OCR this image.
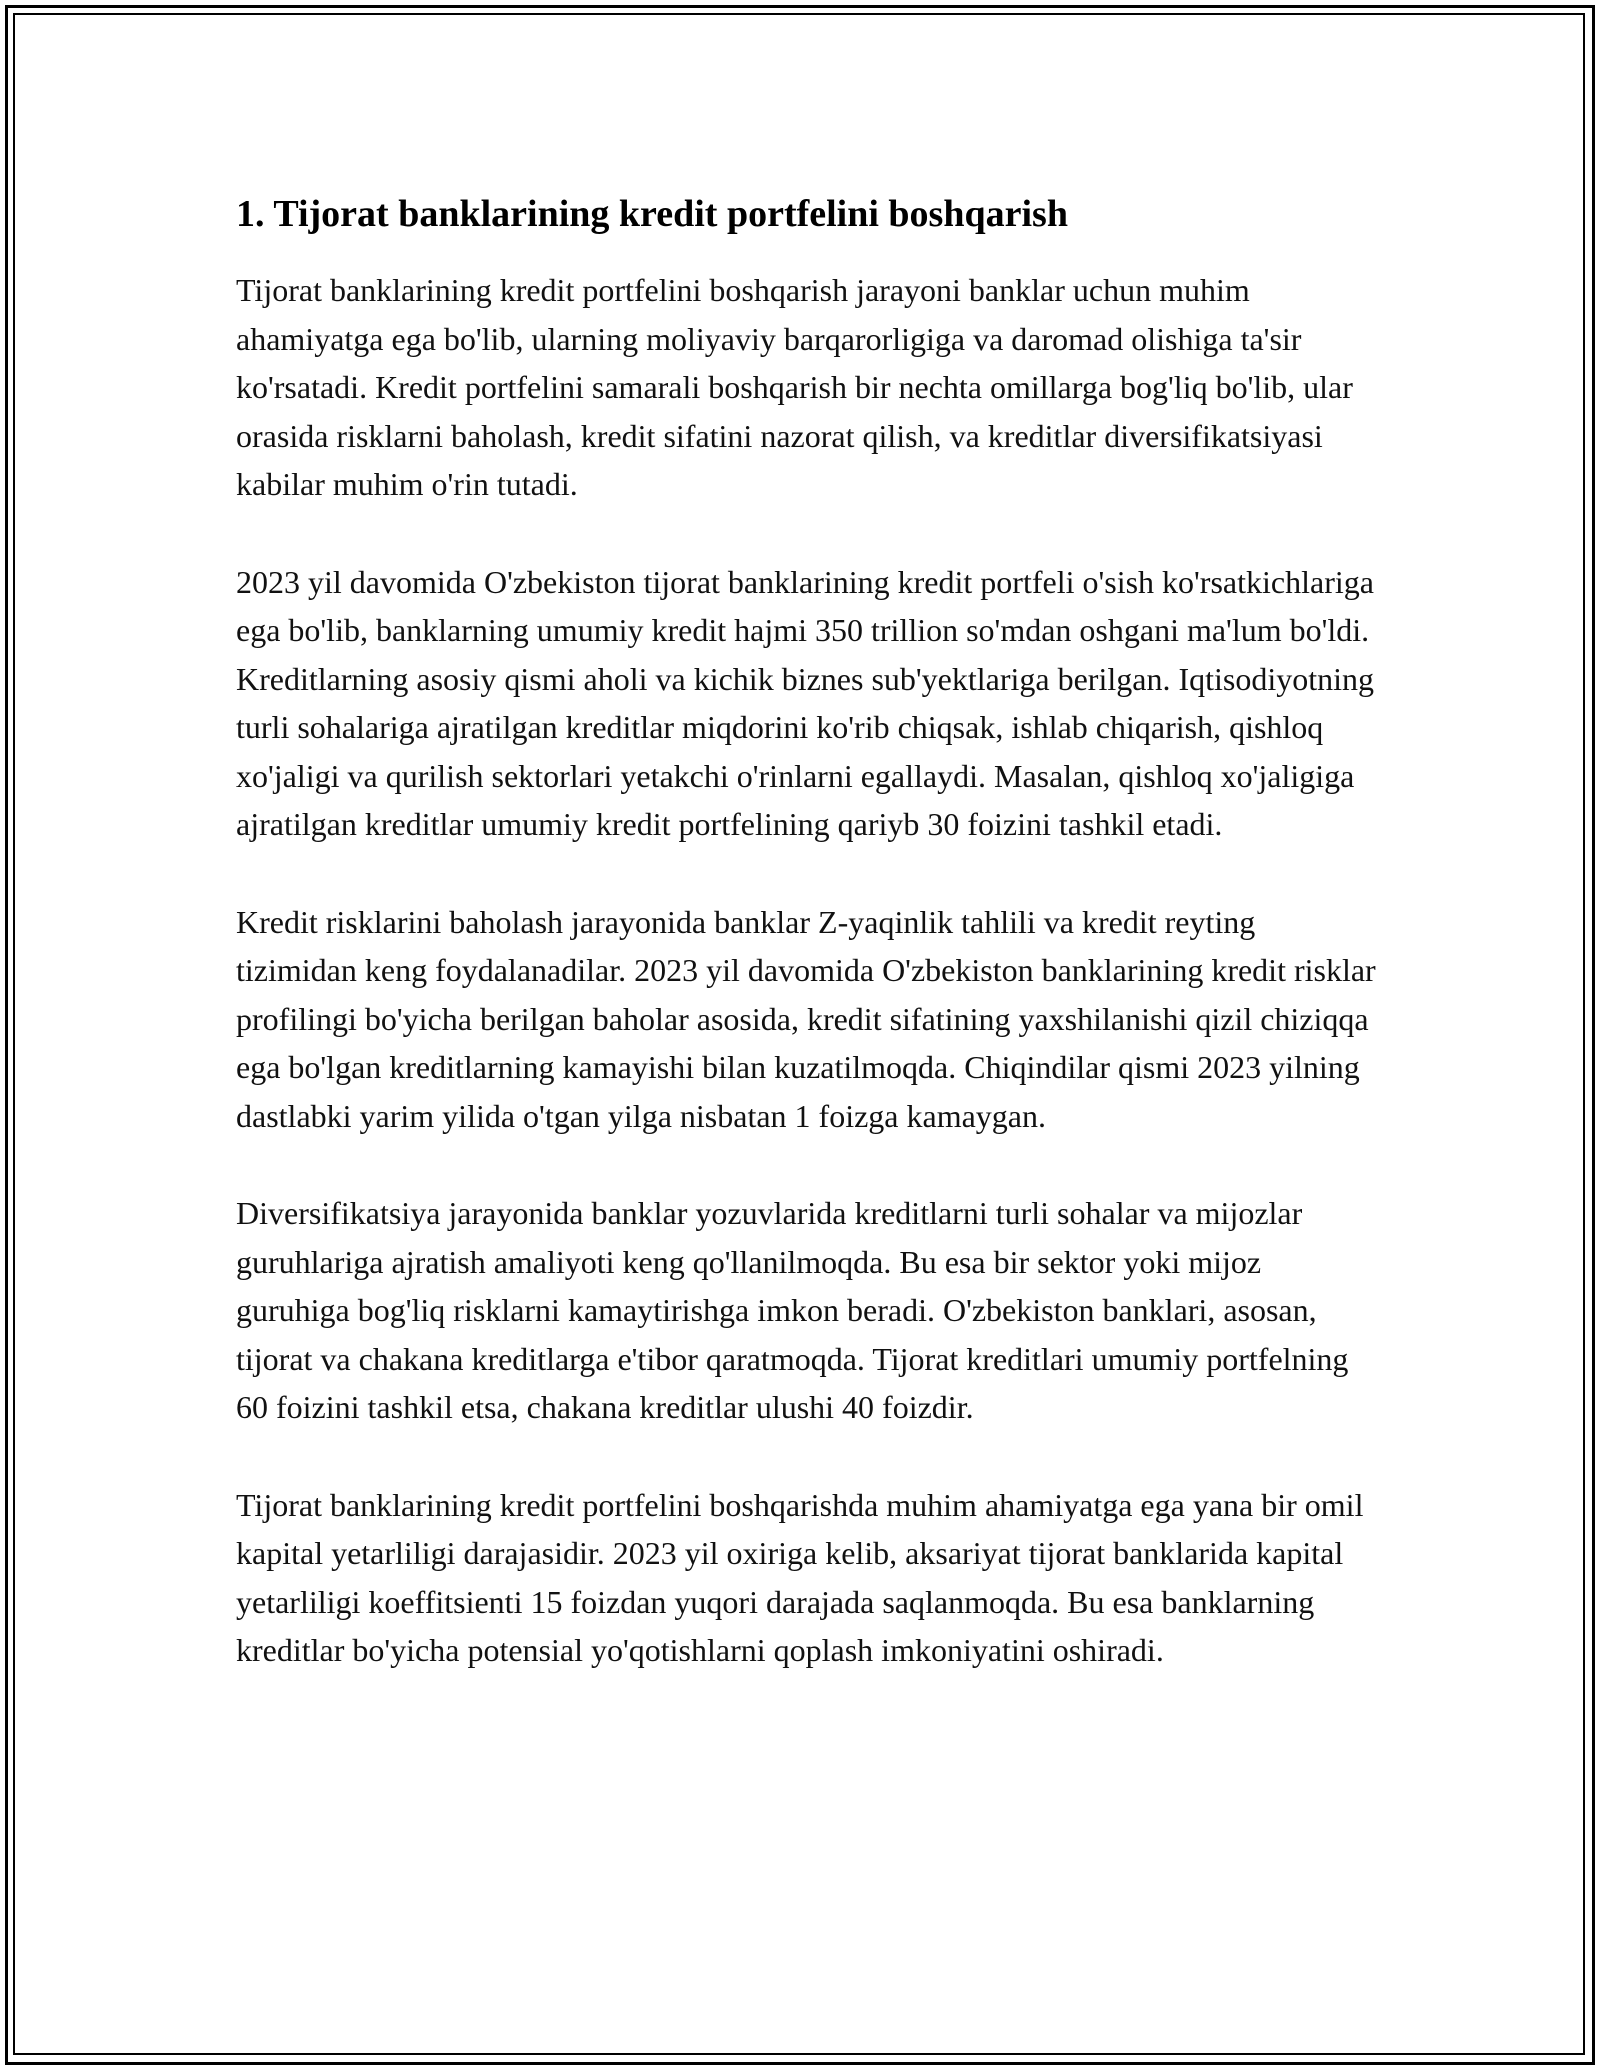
1. Tijorat banklarining kredit portfelini boshqarish

Tijorat banklarining kredit portfelini boshqarish jarayoni banklar uchun muhim ahamiyatga ega bo'lib, ularning moliyaviy barqarorligiga va daromad olishiga ta'sir ko'rsatadi. Kredit portfelini samarali boshqarish bir nechta omillarga bog'liq bo'lib, ular orasida risklarni baholash, kredit sifatini nazorat qilish, va kreditlar diversifikatsiyasi kabilar muhim o'rin tutadi.

2023 yil davomida O'zbekiston tijorat banklarining kredit portfeli o'sish ko'rsatkichlariga ega bo'lib, banklarning umumiy kredit hajmi 350 trillion so'mdan oshgani ma'lum bo'ldi. Kreditlarning asosiy qismi aholi va kichik biznes sub'yektlariga berilgan. Iqtisodiyotning turli sohalariga ajratilgan kreditlar miqdorini ko'rib chiqsak, ishlab chiqarish, qishloq xo'jaligi va qurilish sektorlari yetakchi o'rinlarni egallaydi. Masalan, qishloq xo'jaligiga ajratilgan kreditlar umumiy kredit portfelining qariyb 30 foizini tashkil etadi.

Kredit risklarini baholash jarayonida banklar Z-yaqinlik tahlili va kredit reyting tizimidan keng foydalanadilar. 2023 yil davomida O'zbekiston banklarining kredit risklar profilingi bo'yicha berilgan baholar asosida, kredit sifatining yaxshilanishi qizil chiziqqa ega bo'lgan kreditlarning kamayishi bilan kuzatilmoqda. Chiqindilar qismi 2023 yilning dastlabki yarim yilida o'tgan yilga nisbatan 1 foizga kamaygan.

Diversifikatsiya jarayonida banklar yozuvlarida kreditlarni turli sohalar va mijozlar guruhlariga ajratish amaliyoti keng qo'llanilmoqda. Bu esa bir sektor yoki mijoz guruhiga bog'liq risklarni kamaytirishga imkon beradi. O'zbekiston banklari, asosan, tijorat va chakana kreditlarga e'tibor qaratmoqda. Tijorat kreditlari umumiy portfelning 60 foizini tashkil etsa, chakana kreditlar ulushi 40 foizdir.

Tijorat banklarining kredit portfelini boshqarishda muhim ahamiyatga ega yana bir omil kapital yetarliligi darajasidir. 2023 yil oxiriga kelib, aksariyat tijorat banklarida kapital yetarliligi koeffitsienti 15 foizdan yuqori darajada saqlanmoqda. Bu esa banklarning kreditlar bo'yicha potensial yo'qotishlarni qoplash imkoniyatini oshiradi.
